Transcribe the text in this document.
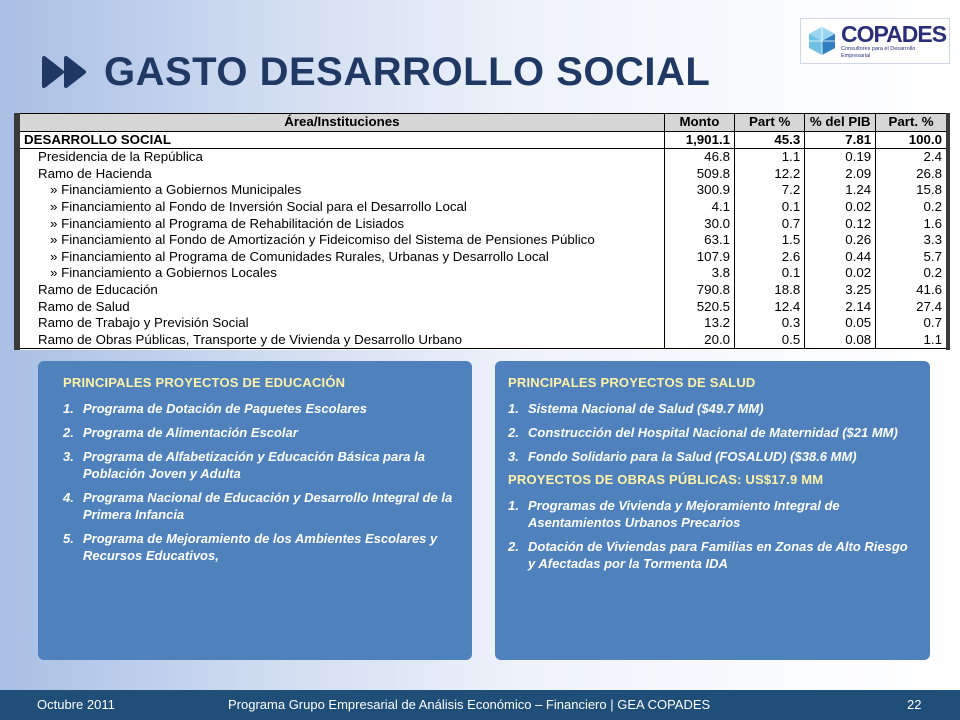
GASTO DESARROLLO SOCIAL
COPADES
Consultores para el Desarrollo Empresarial
Área/Instituciones	Monto	Part %	% del PIB	Part. %
DESARROLLO SOCIAL	1,901.1	45.3	7.81	100.0
Presidencia de la República	46.8	1.1	0.19	2.4
Ramo de Hacienda	509.8	12.2	2.09	26.8
» Financiamiento a Gobiernos Municipales	300.9	7.2	1.24	15.8
» Financiamiento al Fondo de Inversión Social para el Desarrollo Local	4.1	0.1	0.02	0.2
» Financiamiento al Programa de Rehabilitación de Lisiados	30.0	0.7	0.12	1.6
» Financiamiento al Fondo de Amortización y Fideicomiso del Sistema de Pensiones Público	63.1	1.5	0.26	3.3
» Financiamiento al Programa de Comunidades Rurales, Urbanas y Desarrollo Local	107.9	2.6	0.44	5.7
» Financiamiento a Gobiernos Locales	3.8	0.1	0.02	0.2
Ramo de Educación	790.8	18.8	3.25	41.6
Ramo de Salud	520.5	12.4	2.14	27.4
Ramo de Trabajo y Previsión Social	13.2	0.3	0.05	0.7
Ramo de Obras Públicas, Transporte y de Vivienda y Desarrollo Urbano	20.0	0.5	0.08	1.1
PRINCIPALES PROYECTOS DE EDUCACIÓN
1. Programa de Dotación de Paquetes Escolares
2. Programa de Alimentación Escolar
3. Programa de Alfabetización y Educación Básica para la Población Joven y Adulta
4. Programa Nacional de Educación y Desarrollo Integral de la Primera Infancia
5. Programa de Mejoramiento de los Ambientes Escolares y Recursos Educativos,
PRINCIPALES PROYECTOS DE SALUD
1. Sistema Nacional de Salud ($49.7 MM)
2. Construcción del Hospital Nacional de Maternidad ($21 MM)
3. Fondo Solidario para la Salud (FOSALUD) ($38.6 MM)
PROYECTOS DE OBRAS PÚBLICAS: US$17.9 MM
1. Programas de Vivienda y Mejoramiento Integral de Asentamientos Urbanos Precarios
2. Dotación de Viviendas para Familias en Zonas de Alto Riesgo y Afectadas por la Tormenta IDA
Octubre 2011	Programa Grupo Empresarial de Análisis Económico – Financiero | GEA COPADES	22
